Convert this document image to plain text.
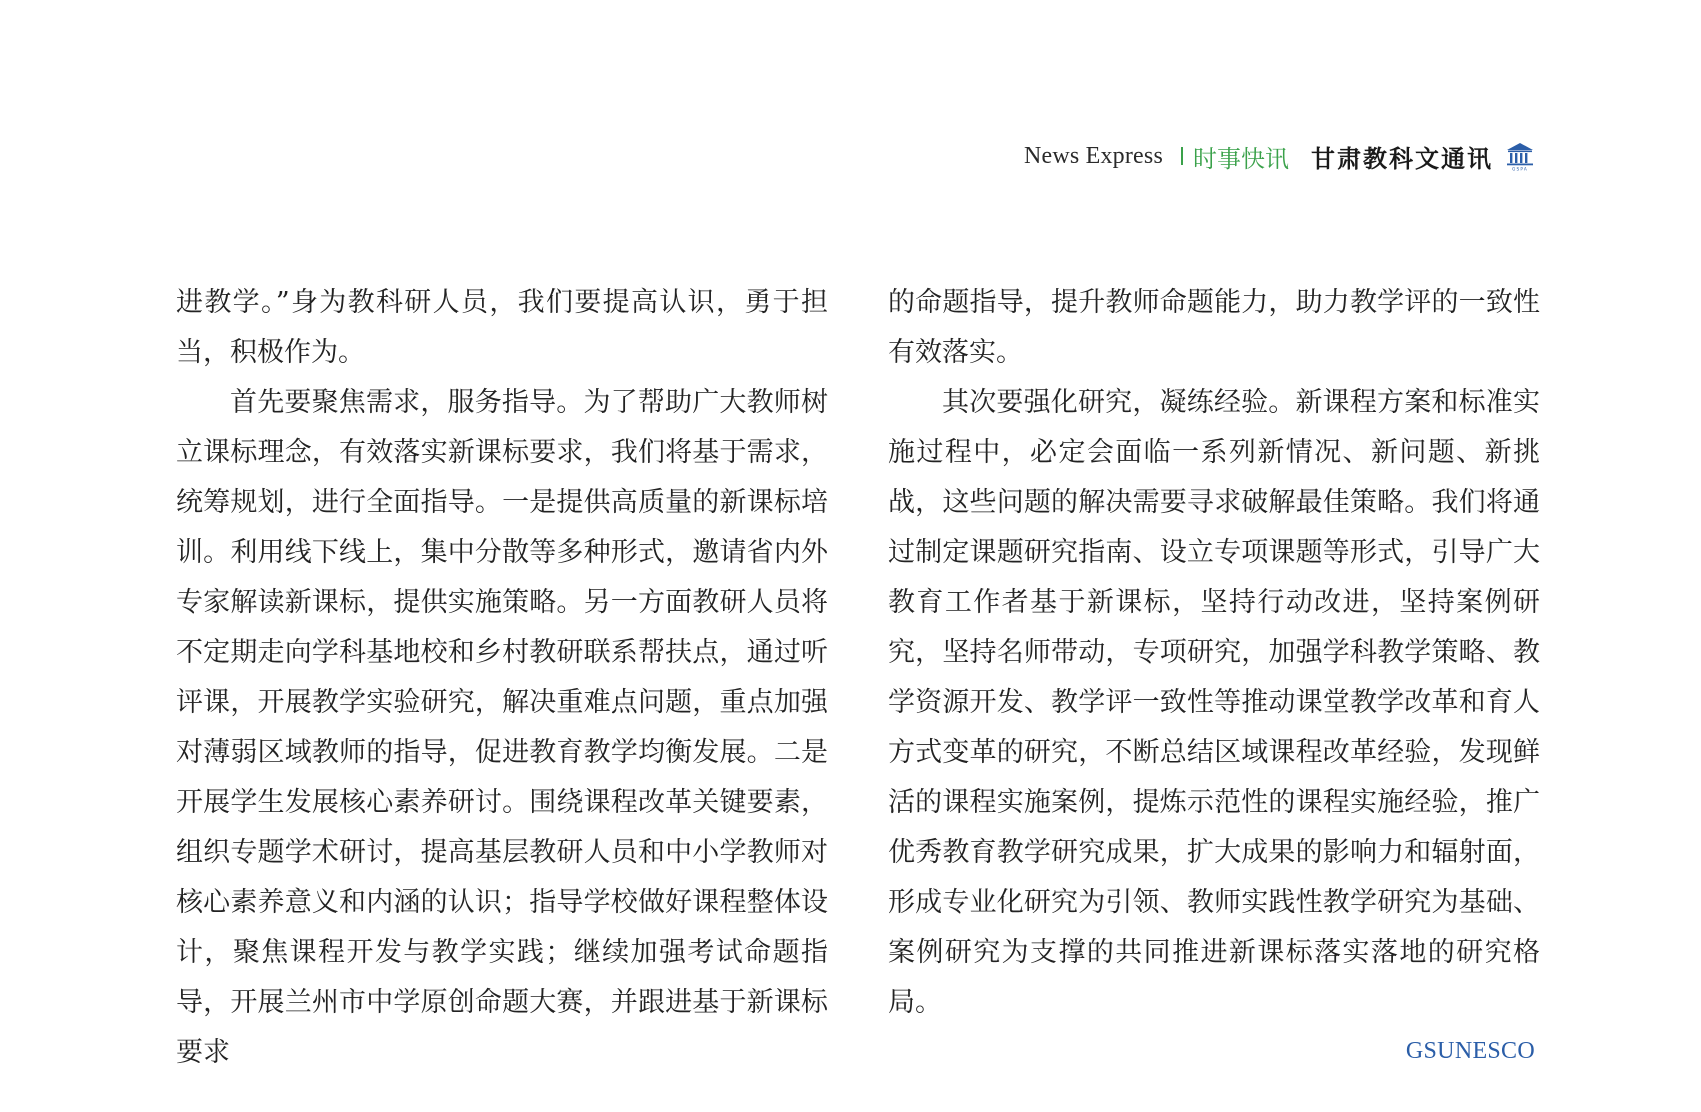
News Express 时事快讯 甘肃教科文通讯	GSPA

进教学。”身为教科研人员，我们要提高认识，勇于担当，积极作为。

首先要聚焦需求，服务指导。为了帮助广大教师树立课标理念，有效落实新课标要求，我们将基于需求，统筹规划，进行全面指导。一是提供高质量的新课标培训。利用线下线上，集中分散等多种形式，邀请省内外专家解读新课标，提供实施策略。另一方面教研人员将不定期走向学科基地校和乡村教研联系帮扶点，通过听评课，开展教学实验研究，解决重难点问题，重点加强对薄弱区域教师的指导，促进教育教学均衡发展。二是开展学生发展核心素养研讨。围绕课程改革关键要素，组织专题学术研讨，提高基层教研人员和中小学教师对核心素养意义和内涵的认识；指导学校做好课程整体设计，聚焦课程开发与教学实践；继续加强考试命题指导，开展兰州市中学原创命题大赛，并跟进基于新课标要求

的命题指导，提升教师命题能力，助力教学评的一致性有效落实。

其次要强化研究，凝练经验。新课程方案和标准实施过程中，必定会面临一系列新情况、新问题、新挑战，这些问题的解决需要寻求破解最佳策略。我们将通过制定课题研究指南、设立专项课题等形式，引导广大教育工作者基于新课标，坚持行动改进，坚持案例研究，坚持名师带动，专项研究，加强学科教学策略、教学资源开发、教学评一致性等推动课堂教学改革和育人方式变革的研究，不断总结区域课程改革经验，发现鲜活的课程实施案例，提炼示范性的课程实施经验，推广优秀教育教学研究成果，扩大成果的影响力和辐射面，形成专业化研究为引领、教师实践性教学研究为基础、案例研究为支撑的共同推进新课标落实落地的研究格局。

GSUNESCO
